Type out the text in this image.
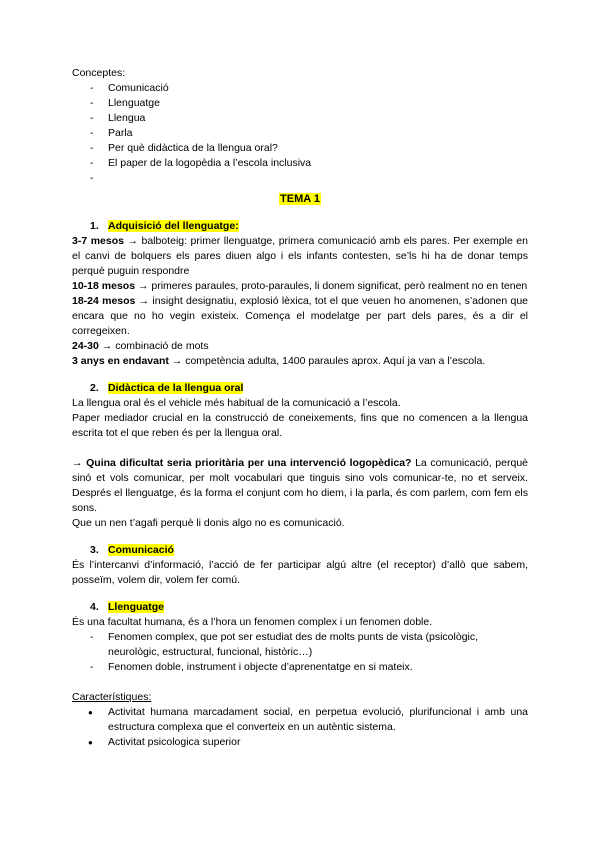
Conceptes:

- Comunicació
- Llenguatge
- Llengua
- Parla
- Per què didàctica de la llengua oral?
- El paper de la logopèdia a l’escola inclusiva
-
TEMA 1
1. Adquisició del llenguatge:

3-7 mesos → balboteig: primer llenguatge, primera comunicació amb els pares. Per exemple en el canvi de bolquers els pares diuen algo i els infants contesten, se’ls hi ha de donar temps perquè puguin respondre

10-18 mesos → primeres paraules, proto-paraules, li donem significat, però realment no en tenen

18-24 mesos → insight designatiu, explosió lèxica, tot el que veuen ho anomenen, s’adonen que encara que no ho vegin existeix. Comença el modelatge per part dels pares, és a dir el corregeixen.

24-30 → combinació de mots

3 anys en endavant → competència adulta, 1400 paraules aprox. Aquí ja van a l’escola.

2. Didàctica de la llengua oral

La llengua oral és el vehicle més habitual de la comunicació a l’escola.

Paper mediador crucial en la construcció de coneixements, fins que no comencen a la llengua escrita tot el que reben és per la llengua oral.

→ Quina dificultat seria prioritària per una intervenció logopèdica? La comunicació, perquè sinó et vols comunicar, per molt vocabulari que tinguis sino vols comunicar-te, no et serveix. Després el llenguatge, és la forma el conjunt com ho diem, i la parla, és com parlem, com fem els sons.

Que un nen t’agafi perquè li donis algo no es comunicació.

3. Comunicació

És l’intercanvi d’informació, l’acció de fer participar algú altre (el receptor) d’allò que sabem, posseïm, volem dir, volem fer comú.

4. Llenguatge

És una facultat humana, és a l’hora un fenomen complex i un fenomen doble.

- Fenomen complex, que pot ser estudiat des de molts punts de vista (psicològic, neurològic, estructural, funcional, històric…)
- Fenomen doble, instrument i objecte d’aprenentatge en si mateix.

Característiques:

● Activitat humana marcadament social, en perpetua evolució, plurifuncional i amb una estructura complexa que el converteix en un autèntic sistema.
● Activitat psicologica superior
